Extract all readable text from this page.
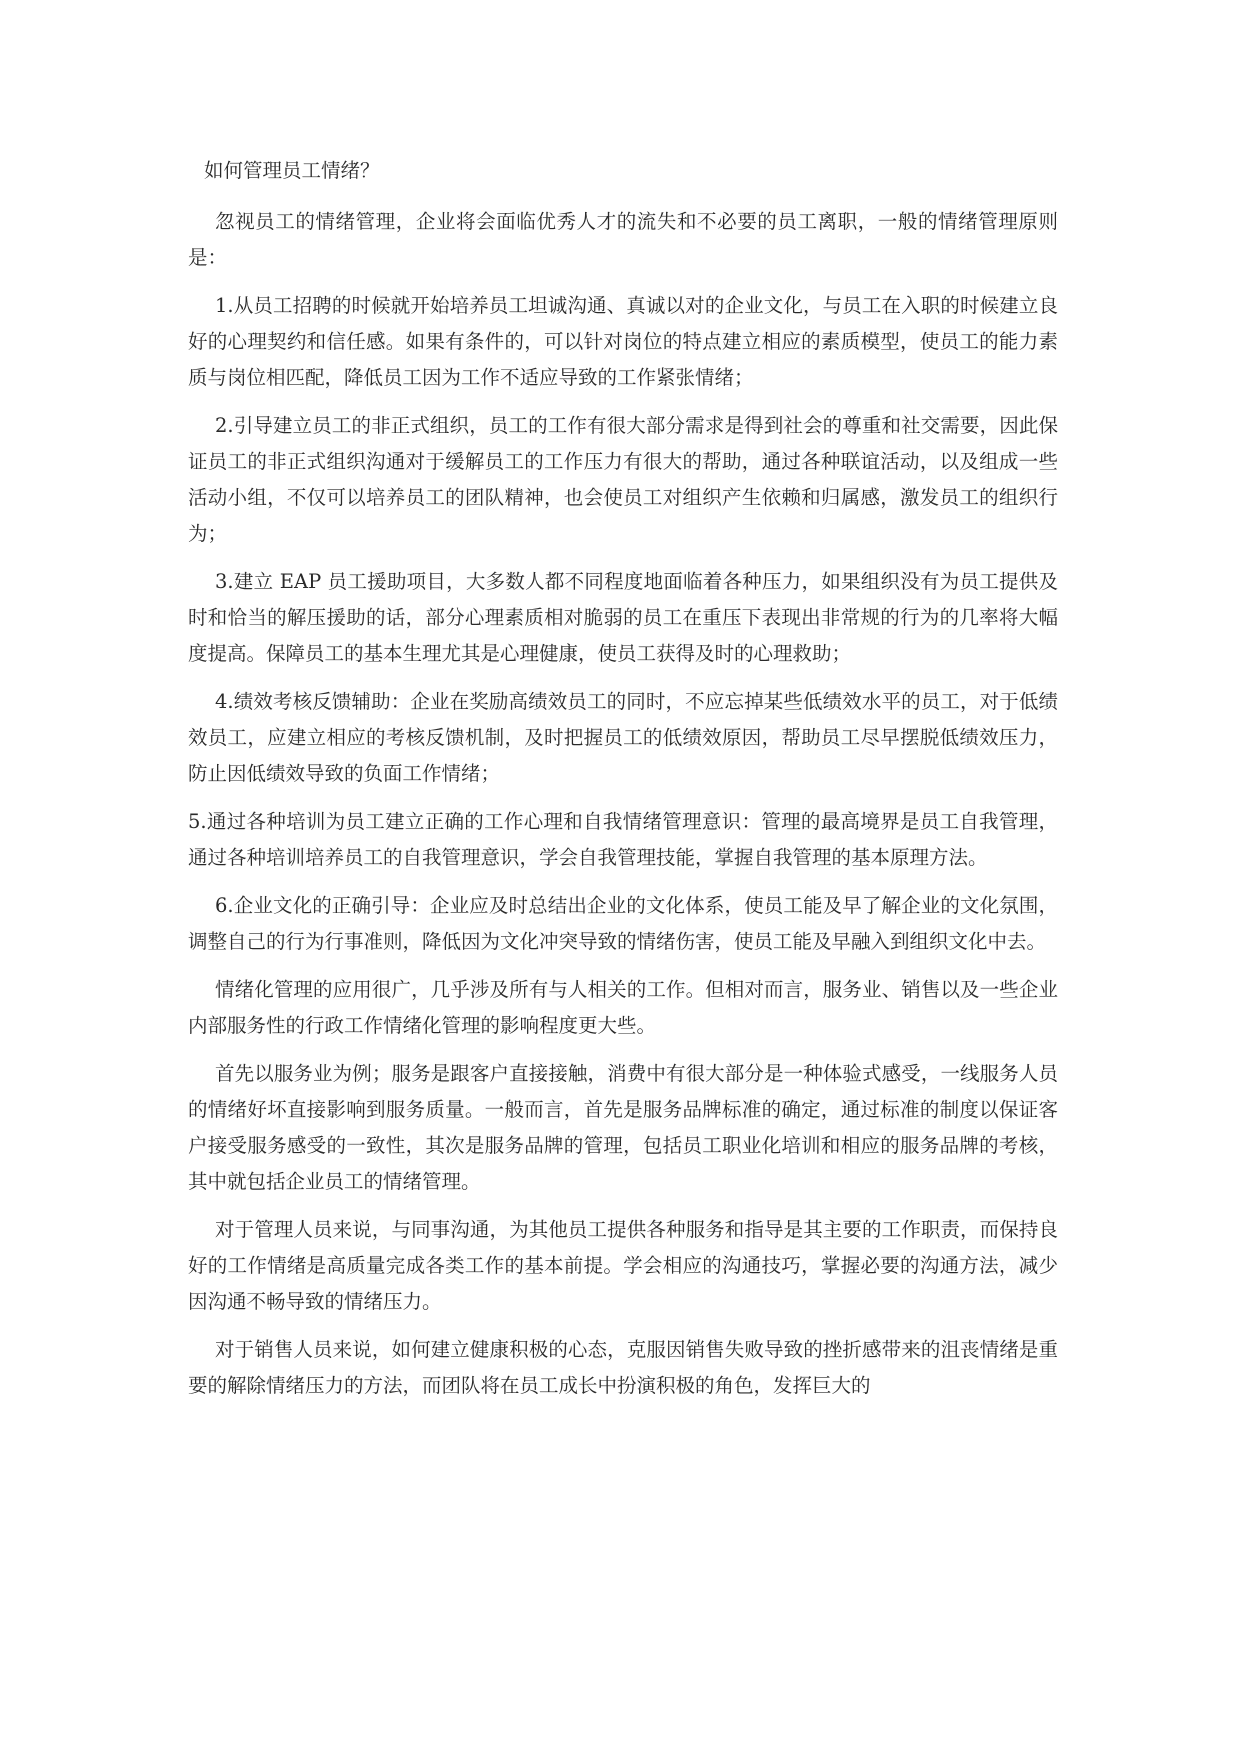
如何管理员工情绪？

忽视员工的情绪管理，企业将会面临优秀人才的流失和不必要的员工离职，一般的情绪管理原则是：

1.从员工招聘的时候就开始培养员工坦诚沟通、真诚以对的企业文化，与员工在入职的时候建立良好的心理契约和信任感。如果有条件的，可以针对岗位的特点建立相应的素质模型，使员工的能力素质与岗位相匹配，降低员工因为工作不适应导致的工作紧张情绪；

2.引导建立员工的非正式组织，员工的工作有很大部分需求是得到社会的尊重和社交需要，因此保证员工的非正式组织沟通对于缓解员工的工作压力有很大的帮助，通过各种联谊活动，以及组成一些活动小组，不仅可以培养员工的团队精神，也会使员工对组织产生依赖和归属感，激发员工的组织行为；

3.建立 EAP 员工援助项目，大多数人都不同程度地面临着各种压力，如果组织没有为员工提供及时和恰当的解压援助的话，部分心理素质相对脆弱的员工在重压下表现出非常规的行为的几率将大幅度提高。保障员工的基本生理尤其是心理健康，使员工获得及时的心理救助；

4.绩效考核反馈辅助：企业在奖励高绩效员工的同时，不应忘掉某些低绩效水平的员工，对于低绩效员工，应建立相应的考核反馈机制，及时把握员工的低绩效原因，帮助员工尽早摆脱低绩效压力，防止因低绩效导致的负面工作情绪；

5.通过各种培训为员工建立正确的工作心理和自我情绪管理意识：管理的最高境界是员工自我管理，通过各种培训培养员工的自我管理意识，学会自我管理技能，掌握自我管理的基本原理方法。

6.企业文化的正确引导：企业应及时总结出企业的文化体系，使员工能及早了解企业的文化氛围，调整自己的行为行事准则，降低因为文化冲突导致的情绪伤害，使员工能及早融入到组织文化中去。

情绪化管理的应用很广，几乎涉及所有与人相关的工作。但相对而言，服务业、销售以及一些企业内部服务性的行政工作情绪化管理的影响程度更大些。

首先以服务业为例；服务是跟客户直接接触，消费中有很大部分是一种体验式感受，一线服务人员的情绪好坏直接影响到服务质量。一般而言，首先是服务品牌标准的确定，通过标准的制度以保证客户接受服务感受的一致性，其次是服务品牌的管理，包括员工职业化培训和相应的服务品牌的考核，其中就包括企业员工的情绪管理。

对于管理人员来说，与同事沟通，为其他员工提供各种服务和指导是其主要的工作职责，而保持良好的工作情绪是高质量完成各类工作的基本前提。学会相应的沟通技巧，掌握必要的沟通方法，减少因沟通不畅导致的情绪压力。

对于销售人员来说，如何建立健康积极的心态，克服因销售失败导致的挫折感带来的沮丧情绪是重要的解除情绪压力的方法，而团队将在员工成长中扮演积极的角色，发挥巨大的
